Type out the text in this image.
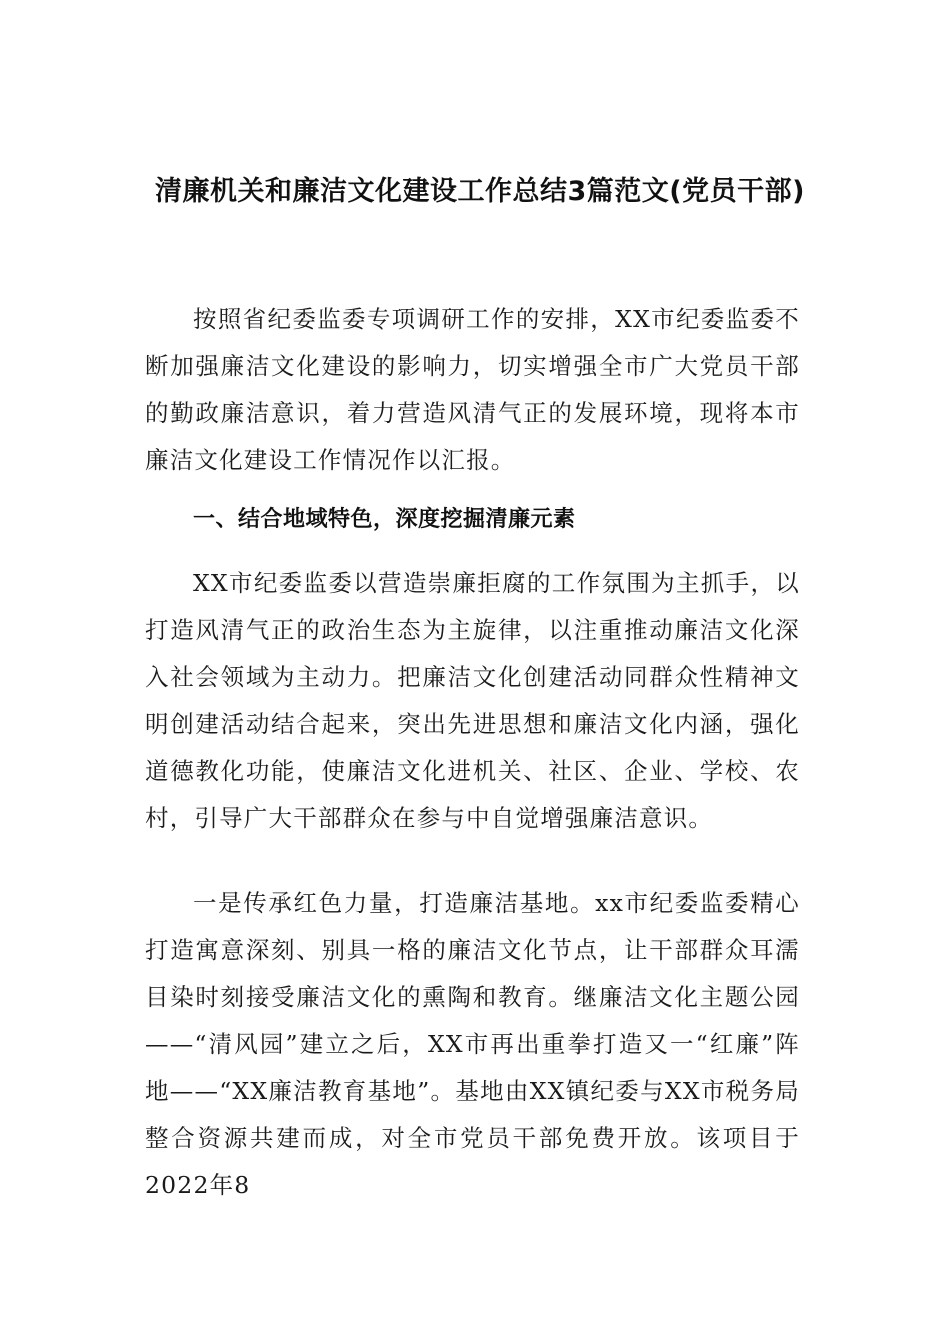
清廉机关和廉洁文化建设工作总结3篇范文(党员干部)

按照省纪委监委专项调研工作的安排，XX市纪委监委不断加强廉洁文化建设的影响力，切实增强全市广大党员干部的勤政廉洁意识，着力营造风清气正的发展环境，现将本市廉洁文化建设工作情况作以汇报。

一、结合地域特色，深度挖掘清廉元素

XX市纪委监委以营造崇廉拒腐的工作氛围为主抓手，以打造风清气正的政治生态为主旋律，以注重推动廉洁文化深入社会领域为主动力。把廉洁文化创建活动同群众性精神文明创建活动结合起来，突出先进思想和廉洁文化内涵，强化道德教化功能，使廉洁文化进机关、社区、企业、学校、农村，引导广大干部群众在参与中自觉增强廉洁意识。

一是传承红色力量，打造廉洁基地。xx市纪委监委精心打造寓意深刻、别具一格的廉洁文化节点，让干部群众耳濡目染时刻接受廉洁文化的熏陶和教育。继廉洁文化主题公园——“清风园”建立之后，XX市再出重拳打造又一“红廉”阵地——“XX廉洁教育基地”。基地由XX镇纪委与XX市税务局整合资源共建而成，对全市党员干部免费开放。该项目于2022年8
